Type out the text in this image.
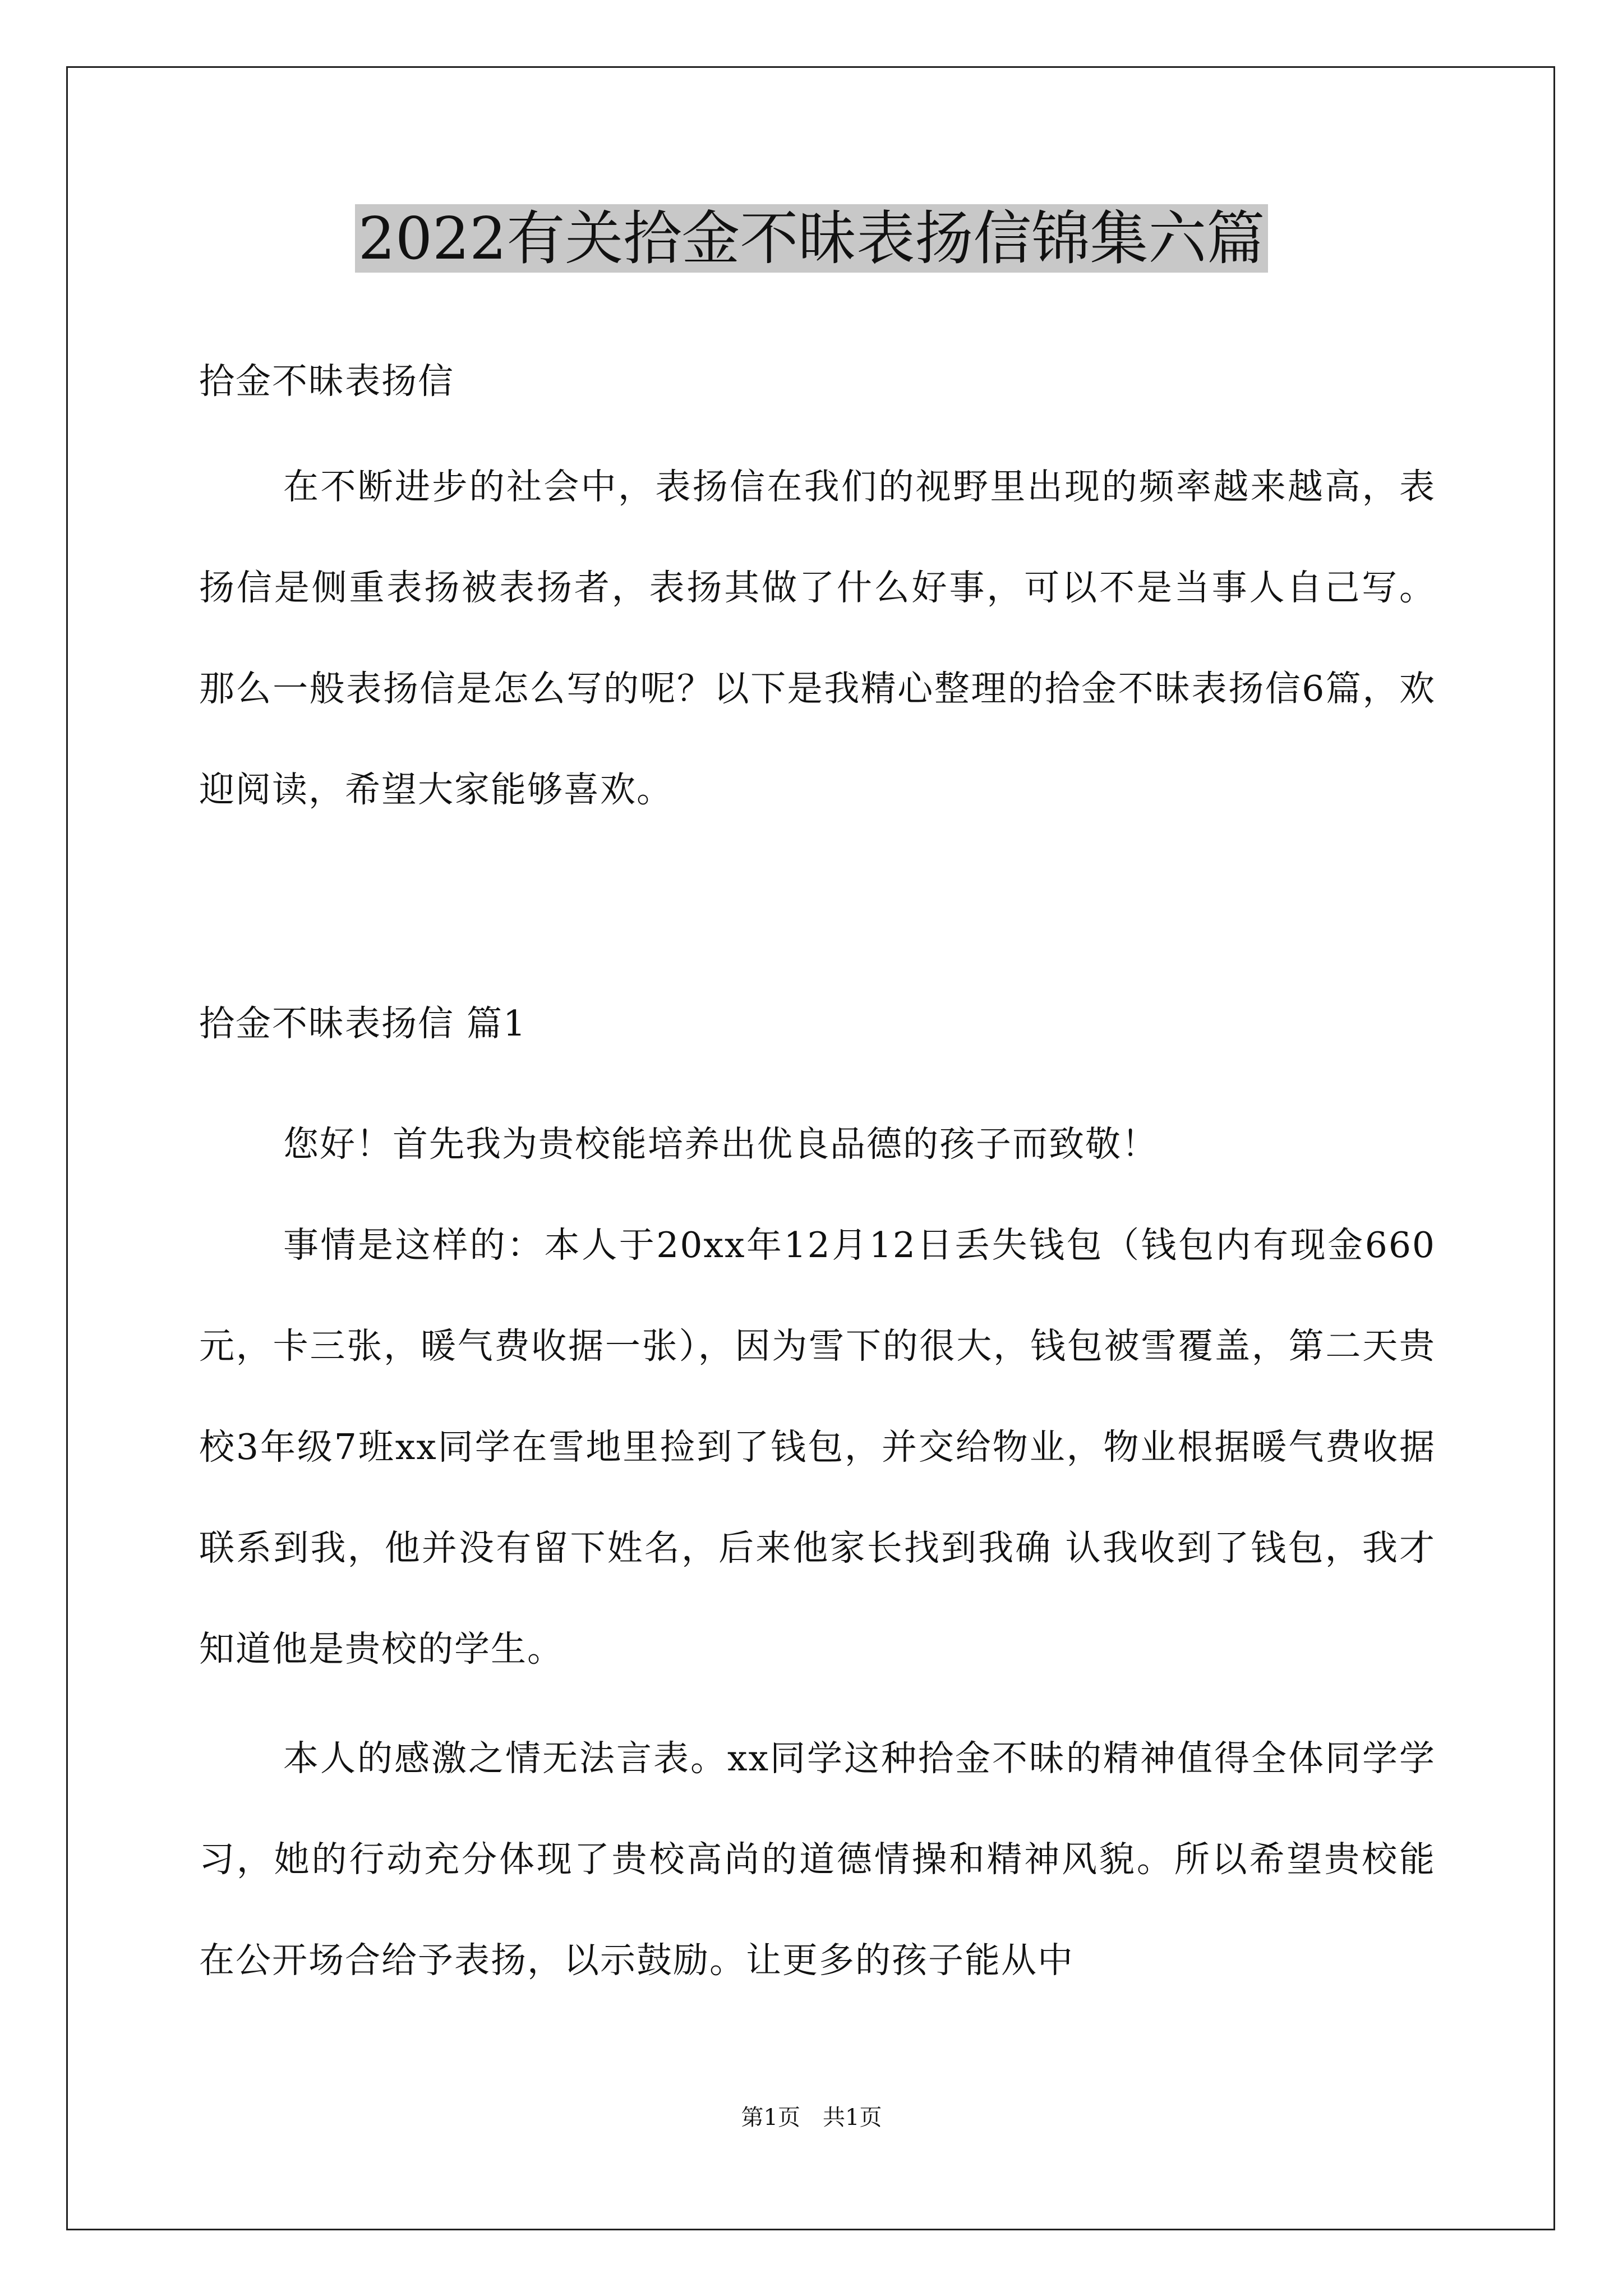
2022有关拾金不昧表扬信锦集六篇
拾金不昧表扬信
在不断进步的社会中，表扬信在我们的视野里出现的频率越来越高，表扬信是侧重表扬被表扬者，表扬其做了什么好事，可以不是当事人自己写。那么一般表扬信是怎么写的呢？以下是我精心整理的拾金不昧表扬信6篇，欢迎阅读，希望大家能够喜欢。
拾金不昧表扬信 篇1
您好！首先我为贵校能培养出优良品德的孩子而致敬！
事情是这样的：本人于20xx年12月12日丢失钱包（钱包内有现金660元，卡三张，暖气费收据一张），因为雪下的很大，钱包被雪覆盖，第二天贵校3年级7班xx同学在雪地里捡到了钱包，并交给物业，物业根据暖气费收据联系到我，他并没有留下姓名，后来他家长找到我确 认我收到了钱包，我才知道他是贵校的学生。
本人的感激之情无法言表。xx同学这种拾金不昧的精神值得全体同学学习，她的行动充分体现了贵校高尚的道德情操和精神风貌。所以希望贵校能在公开场合给予表扬，以示鼓励。让更多的孩子能从中
第1页　共1页
